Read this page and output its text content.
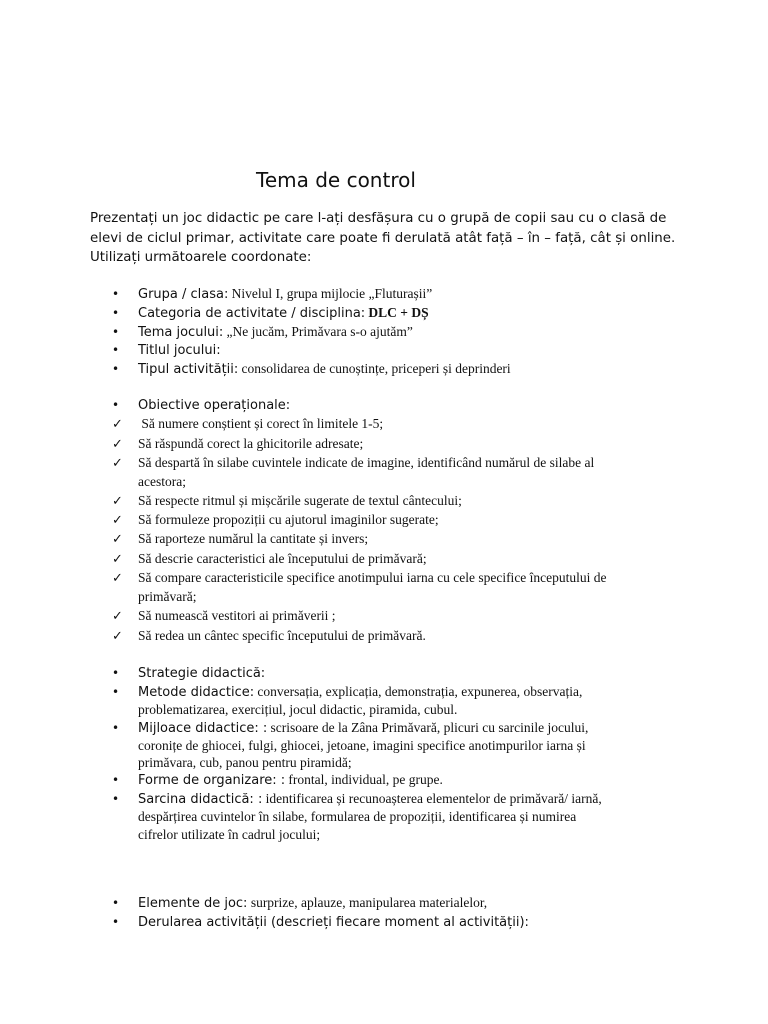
Tema de control
Prezentați un joc didactic pe care l-ați desfășura cu o grupă de copii sau cu o clasă de
elevi de ciclul primar, activitate care poate fi derulată atât față – în – față, cât și online.
Utilizați următoarele coordonate:
• Grupa / clasa: Nivelul I, grupa mijlocie „Fluturașii”
• Categoria de activitate / disciplina: DLC + DȘ
• Tema jocului: „Ne jucăm, Primăvara s-o ajutăm”
• Titlul jocului:
• Tipul activității: consolidarea de cunoștințe, priceperi și deprinderi
• Obiective operaționale:
✓ Să numere conștient și corect în limitele 1-5;
✓ Să răspundă corect la ghicitorile adresate;
✓ Să despartă în silabe cuvintele indicate de imagine, identificând numărul de silabe al
acestora;
✓ Să respecte ritmul și mișcările sugerate de textul cântecului;
✓ Să formuleze propoziții cu ajutorul imaginilor sugerate;
✓ Să raporteze numărul la cantitate și invers;
✓ Să descrie caracteristici ale începutului de primăvară;
✓ Să compare caracteristicile specifice anotimpului iarna cu cele specifice începutului de
primăvară;
✓ Să numească vestitori ai primăverii ;
✓ Să redea un cântec specific începutului de primăvară.
• Strategie didactică:
• Metode didactice: conversația, explicația, demonstrația, expunerea, observația,
problematizarea, exercițiul, jocul didactic, piramida, cubul.
• Mijloace didactice: : scrisoare de la Zâna Primăvară, plicuri cu sarcinile jocului,
coronițe de ghiocei, fulgi, ghiocei, jetoane, imagini specifice anotimpurilor iarna și
primăvara, cub, panou pentru piramidă;
• Forme de organizare: : frontal, individual, pe grupe.
• Sarcina didactică: : identificarea și recunoașterea elementelor de primăvară/ iarnă,
despărțirea cuvintelor în silabe, formularea de propoziții, identificarea și numirea
cifrelor utilizate în cadrul jocului;
• Elemente de joc: surprize, aplauze, manipularea materialelor,
• Derularea activității (descrieți fiecare moment al activității):
